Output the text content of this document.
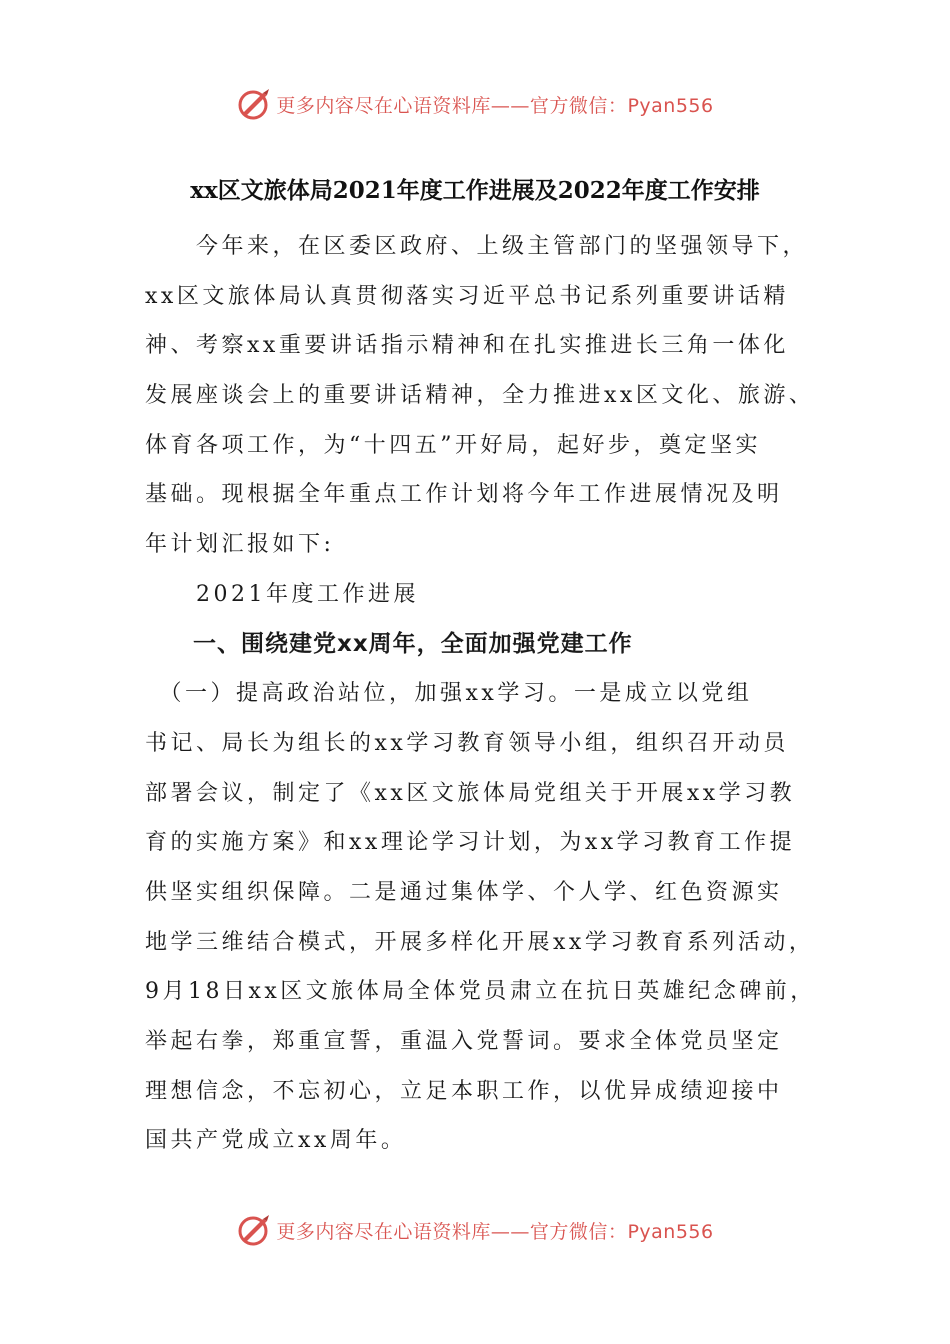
更多内容尽在心语资料库——官方微信：Pyan556
xx区文旅体局2021年度工作进展及2022年度工作安排
　　今年来，在区委区政府、上级主管部门的坚强领导下，
xx区文旅体局认真贯彻落实习近平总书记系列重要讲话精
神、考察xx重要讲话指示精神和在扎实推进长三角一体化
发展座谈会上的重要讲话精神，全力推进xx区文化、旅游、
体育各项工作，为“十四五”开好局，起好步，奠定坚实
基础。现根据全年重点工作计划将今年工作进展情况及明
年计划汇报如下:
　　2021年度工作进展
　　一、围绕建党xx周年，全面加强党建工作
　（一）提高政治站位，加强xx学习。一是成立以党组
书记、局长为组长的xx学习教育领导小组，组织召开动员
部署会议，制定了《xx区文旅体局党组关于开展xx学习教
育的实施方案》和xx理论学习计划，为xx学习教育工作提
供坚实组织保障。二是通过集体学、个人学、红色资源实
地学三维结合模式，开展多样化开展xx学习教育系列活动，
9月18日xx区文旅体局全体党员肃立在抗日英雄纪念碑前，
举起右拳，郑重宣誓，重温入党誓词。要求全体党员坚定
理想信念，不忘初心，立足本职工作，以优异成绩迎接中
国共产党成立xx周年。
更多内容尽在心语资料库——官方微信：Pyan556
